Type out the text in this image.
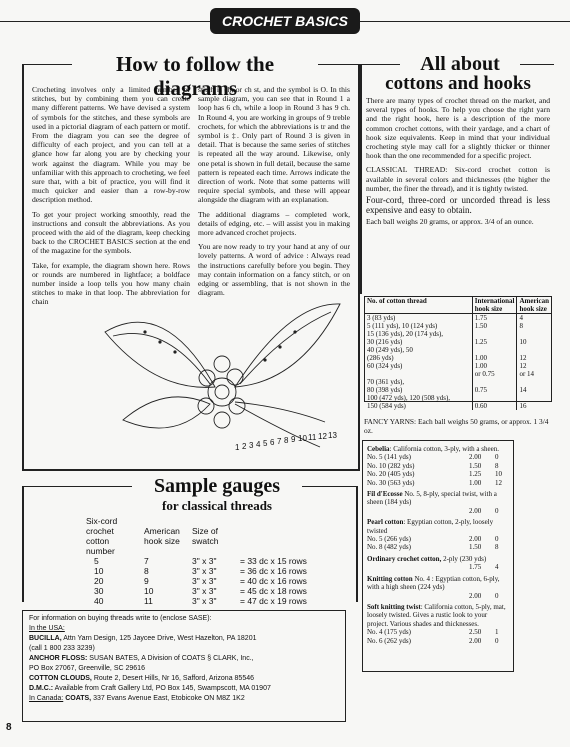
CROCHET BASICS
How to follow the diagrams

Crocheting involves only a limited number of stitches, but by combining them you can create many different patterns. We have devised a system of symbols for the stitches, and these symbols are used in a pictorial diagram of each pattern or motif. From the diagram you can see the degree of difficulty of each project, and you can tell at a glance how far along you are by checking your work against the diagram. While you may be unfamiliar with this approach to crocheting, we feel sure that, with a bit of practice, you will find it much quicker and easier than a row-by-row description method.

To get your project working smoothly, read the instructions and consult the abbreviations. As you proceed with the aid of the diagram, keep checking back to the CROCHET BASICS section at the end of the magazine for the symbols.

Take, for example, the diagram shown here. Rows or rounds are numbered in lightface; a boldface number inside a loop tells you how many chain stitches to make in that loop. The abbreviation for chain

stitch is ch, or ch st, and the symbol is O. In this sample diagram, you can see that in Round 1 a loop has 6 ch, while a loop in Round 3 has 9 ch. In Round 4, you are working in groups of 9 treble crochets, for which the abbreviations is tr and the symbol is ‡. Only part of Round 3 is given in detail. That is because the same series of stitches is repeated all the way around. Likewise, only one petal is shown in full detail, because the same pattern is repeated each time. Arrows indicate the direction of work. Note that some patterns will require special symbols, and these will appear alongside the diagram with an explanation.

The additional diagrams – completed work, details of edging, etc. – will assist you in making more advanced crochet projects.

You are now ready to try your hand at any of our lovely patterns. A word of advice : Always read the instructions carefully before you begin. They may contain information on a fancy stitch, or on edging or assembling, that is not shown in the diagram.

1 2 3 4 5 6 7 8 9 10 11 12 13
All about
cottons and hooks

There are many types of crochet thread on the market, and several types of hooks. To help you choose the right yarn and the right hook, here is a description of the more common crochet cottons, with their yardage, and a chart of hook size equivalents. Keep in mind that your individual crocheting style may call for a slightly thicker or thinner hook than the one recommended for a specific project.

CLASSICAL THREAD: Six-cord crochet cotton is available in several colors and thicknesses (the higher the number, the finer the thread), and it is tightly twisted.

Four-cord, three-cord or uncorded thread is less expensive and easy to obtain.

Each ball weighs 20 grams, or approx. 3/4 of an ounce.

No. of cotton thread	International hook size	American hook size
3 (83 yds)	1.75	4
5 (111 yds), 10 (124 yds)	1.50	8
15 (136 yds), 20 (174 yds),		
30 (216 yds)	1.25	10
40 (249 yds), 50		
(286 yds)	1.00	12
60 (324 yds)	1.00	12
	or 0.75	or 14
70 (361 yds),		
80 (398 yds)	0.75	14
100 (472 yds), 120 (508 yds),		
150 (584 yds)	0.60	16
FANCY YARNS: Each ball weighs 50 grams, or approx. 1 3/4 oz.
Cebelia: California cotton, 3-ply, with a sheen.
No. 5 (141 yds)	2.00	0
No. 10 (282 yds)	1.50	8
No. 20 (405 yds)	1.25	10
No. 30 (563 yds)	1.00	12
Fil d'Ecosse No. 5, 8-ply, special twist, with a sheen (184 yds)
2.00	0
Pearl cotton: Egyptian cotton, 2-ply, loosely twisted
No. 5 (266 yds)	2.00	0
No. 8 (482 yds)	1.50	8
Ordinary crochet cotton, 2-ply (230 yds)
1.75	4
Knitting cotton No. 4 : Egyptian cotton, 6-ply, with a high sheen (224 yds)
2.00	0
Soft knitting twist: California cotton, 5-ply, mat, loosely twisted. Gives a rustic look to your project. Various shades and thicknesses.
No. 4 (175 yds)	2.50	1
No. 6 (262 yds)	2.00	0
Sample gauges
for classical threads
Six-cord crochet cotton number	American hook size	Size of swatch	
5	7	3" x 3"	= 33 dc x 15 rows
10	8	3" x 3"	= 36 dc x 16 rows
20	9	3" x 3"	= 40 dc x 16 rows
30	10	3" x 3"	= 45 dc x 18 rows
40	11	3" x 3"	= 47 dc x 19 rows
For information on buying threads write to (enclose SASE):
In the USA:
BUCILLA, Attn Yarn Design, 125 Jaycee Drive, West Hazelton, PA 18201
(call 1 800 233 3239)
ANCHOR FLOSS: SUSAN BATES, A Division of COATS § CLARK, Inc.,
PO Box 27067, Greenville, SC 29616
COTTON CLOUDS, Route 2, Desert Hills, Nr 16, Safford, Arizona 85546
D.M.C.: Available from Craft Gallery Ltd, PO Box 145, Swampscott, MA 01907
In Canada: COATS, 337 Evans Avenue East, Etobicoke ON M8Z 1K2
8
